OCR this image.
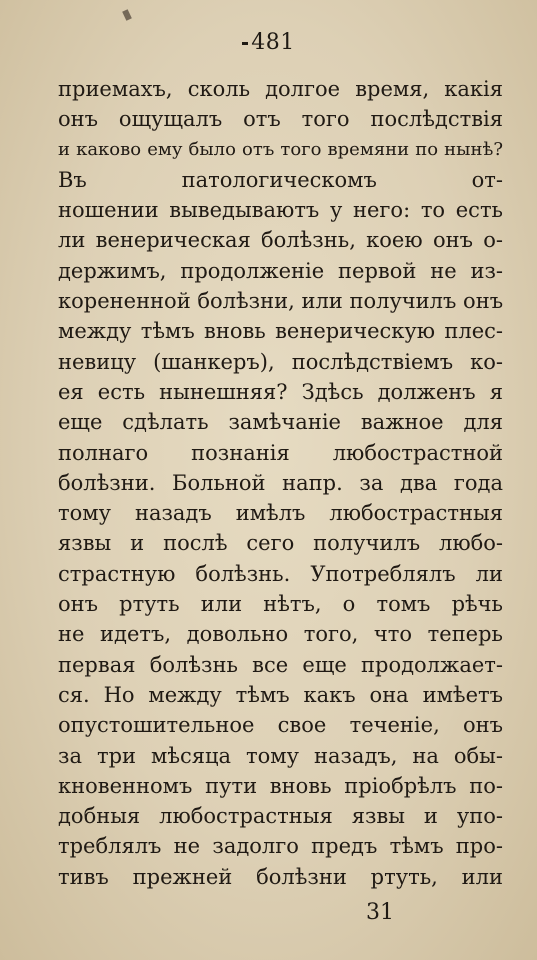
481
приемахъ, сколь долгое время, какія
онъ ощущалъ отъ того послѣдствія
и каково ему было отъ того времяни по нынѣ?
Въ патологическомъ от-
ношении выведываютъ у него: то есть
ли венерическая болѣзнь, коею онъ о-
держимъ, продолженіе первой не из-
корененной болѣзни, или получилъ онъ
между тѣмъ вновь венерическую плес-
невицу (шанкеръ), послѣдствіемъ ко-
ея есть нынешняя? Здѣсь долженъ я
еще сдѣлать замѣчаніе важное для
полнаго познанія любострастной
болѣзни. Больной напр. за два года
тому назадъ имѣлъ любострастныя
язвы и послѣ сего получилъ любо-
страстную болѣзнь. Употреблялъ ли
онъ ртуть или нѣтъ, о томъ рѣчь
не идетъ, довольно того, что теперь
первая болѣзнь все еще продолжает-
ся. Но между тѣмъ какъ она имѣетъ
опустошительное свое теченіе, онъ
за три мѣсяца тому назадъ, на обы-
кновенномъ пути вновь пріобрѣлъ по-
добныя любострастныя язвы и упо-
треблялъ не задолго предъ тѣмъ про-
тивъ прежней болѣзни ртуть, или
31
